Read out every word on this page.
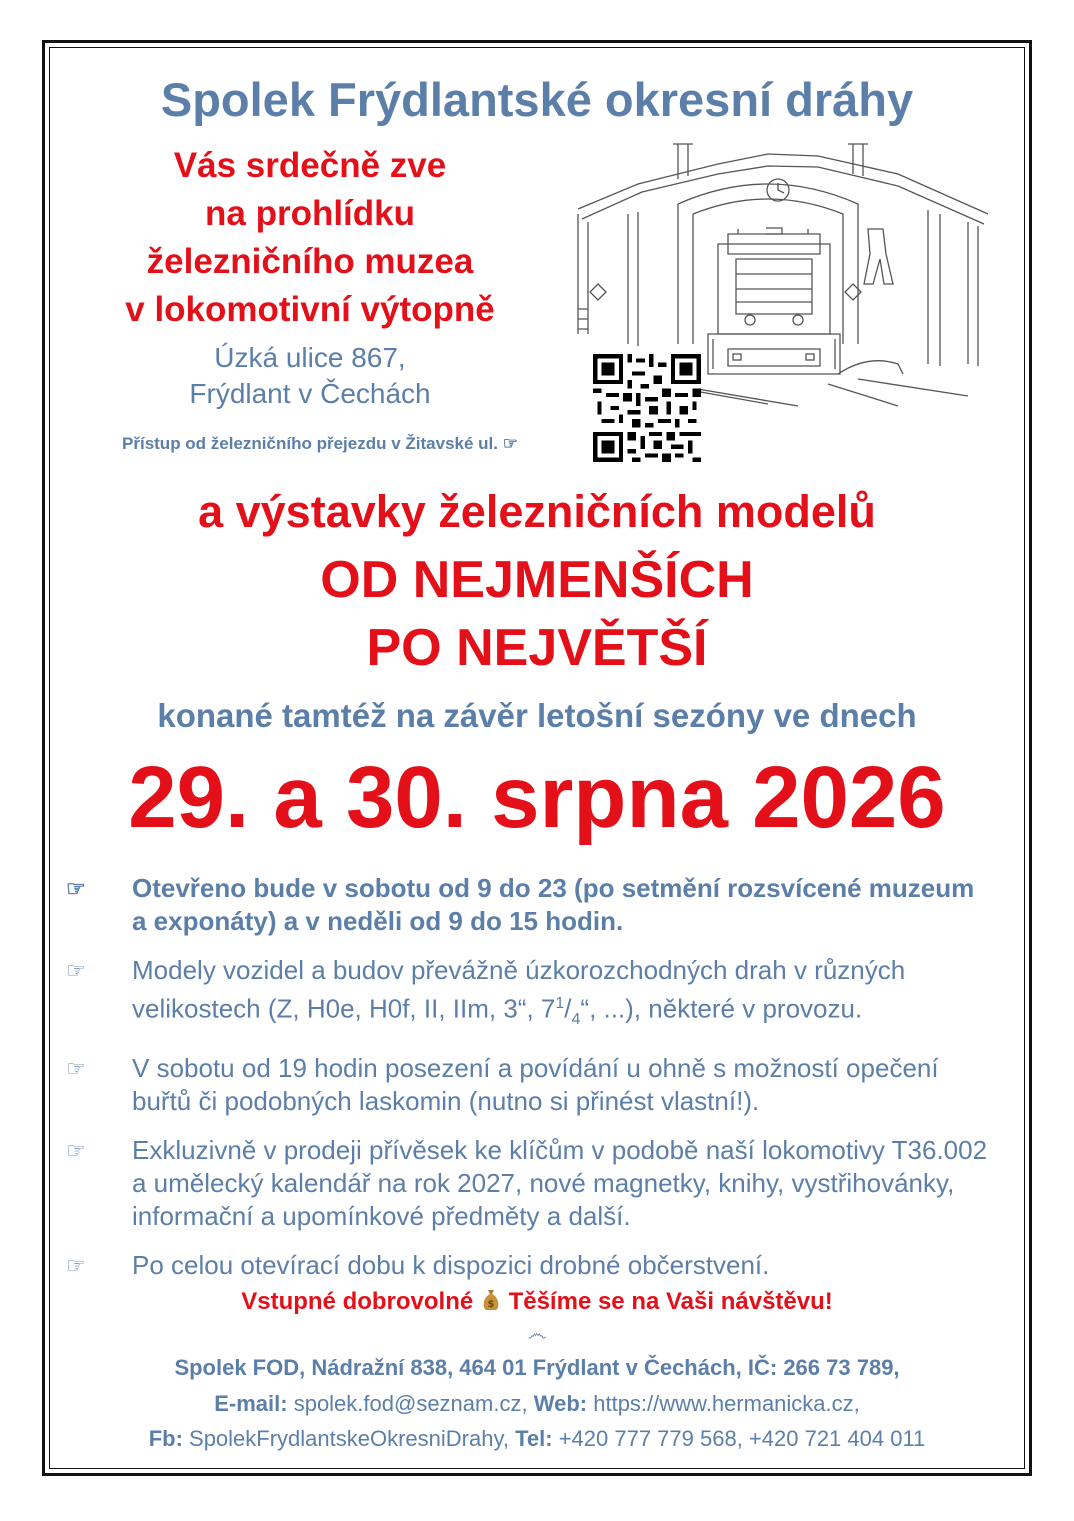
Spolek Frýdlantské okresní dráhy
Vás srdečně zve
na prohlídku
železničního muzea
v lokomotivní výtopně
Úzká ulice 867,
Frýdlant v Čechách
Přístup od železničního přejezdu v Žitavské ul. ☞
a výstavky železničních modelů
OD NEJMENŠÍCH
PO NEJVĚTŠÍ
konané tamtéž na závěr letošní sezóny ve dnech
29. a 30. srpna 2026
☞	Otevřeno bude v sobotu od 9 do 23 (po setmění rozsvícené muzeum a exponáty) a v neděli od 9 do 15 hodin.
☞	Modely vozidel a budov převážně úzkorozchodných drah v různých velikostech (Z, H0e, H0f, II, IIm, 3“, $7^1/_4“$, ...), některé v provozu.
☞	V sobotu od 19 hodin posezení a povídání u ohně s možností opečení buřtů či podobných laskomin (nutno si přinést vlastní!).
☞	Exkluzivně v prodeji přívěsek ke klíčům v podobě naší lokomotivy T36.002 a umělecký kalendář na rok 2027, nové magnetky, knihy, vystřihovánky, informační a upomínkové předměty a další.
☞	Po celou otevírací dobu k dispozici drobné občerstvení.
Vstupné dobrovolné $ Těšíme se na Vaši návštěvu!
෴
Spolek FOD, Nádražní 838, 464 01 Frýdlant v Čechách, IČ: 266 73 789,
E-mail: spolek.fod@seznam.cz, Web: https://www.hermanicka.cz,
Fb: SpolekFrydlantskeOkresniDrahy, Tel: +420 777 779 568, +420 721 404 011
